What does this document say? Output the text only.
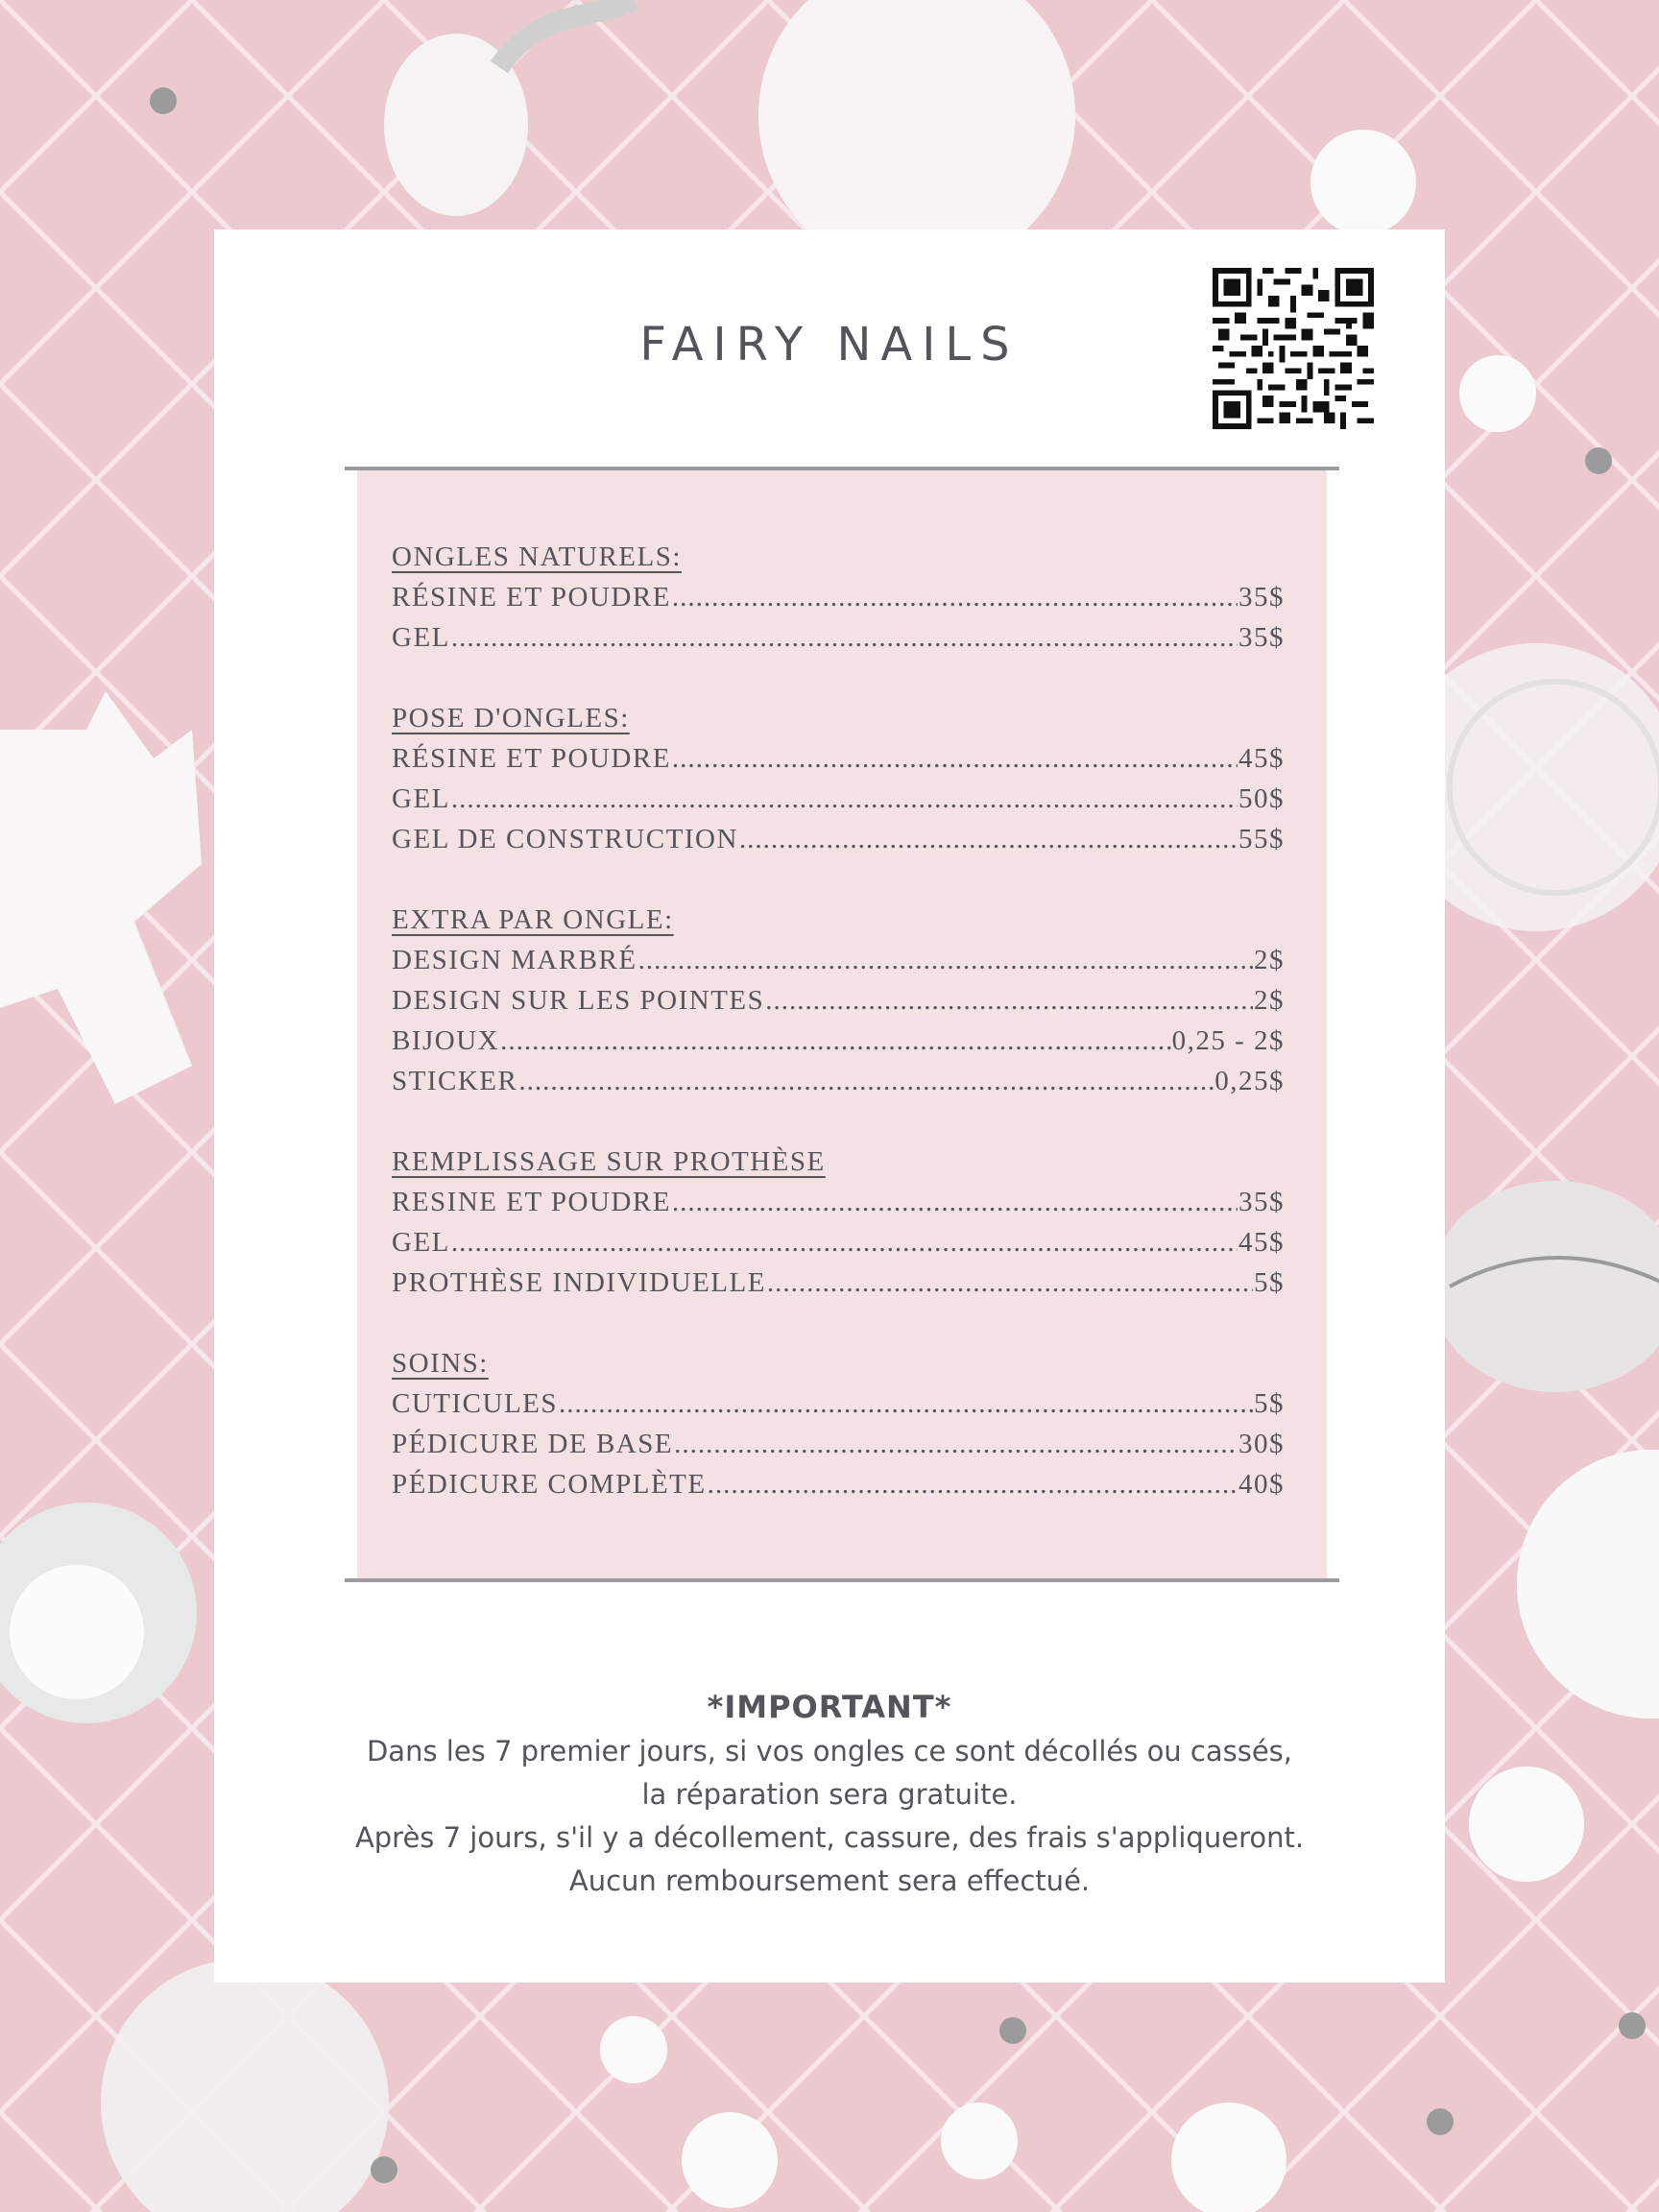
FAIRY NAILS
ONGLES NATURELS:
RÉSINE ET POUDRE .....	35$
GEL .....	35$
POSE D'ONGLES:
RÉSINE ET POUDRE .....	45$
GEL .....	50$
GEL DE CONSTRUCTION .....	55$
EXTRA PAR ONGLE:
DESIGN MARBRÉ .....	2$
DESIGN SUR LES POINTES .....	2$
BIJOUX .....	0,25 - 2$
STICKER .....	0,25$
REMPLISSAGE SUR PROTHÈSE
RESINE ET POUDRE .....	35$
GEL .....	45$
PROTHÈSE INDIVIDUELLE .....	5$
SOINS:
CUTICULES .....	5$
PÉDICURE DE BASE .....	30$
PÉDICURE COMPLÈTE .....	40$
*IMPORTANT*
Dans les 7 premier jours, si vos ongles ce sont décollés ou cassés,
la réparation sera gratuite.
Après 7 jours, s'il y a décollement, cassure, des frais s'appliqueront.
Aucun remboursement sera effectué.
